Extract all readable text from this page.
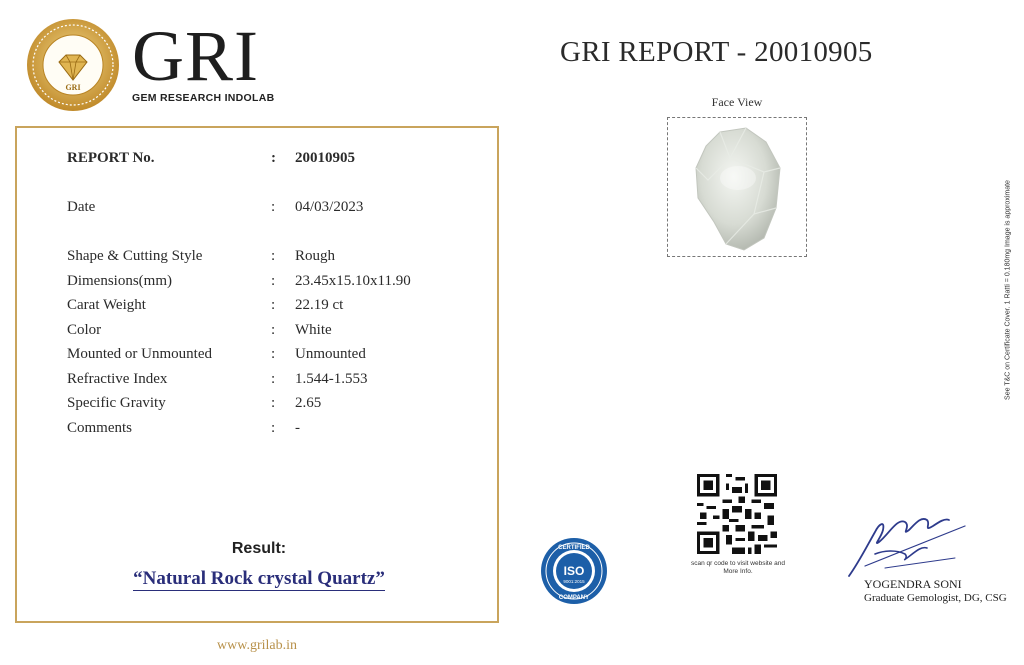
GRI GRI
GEM RESEARCH INDOLAB
REPORT No.	: 20010905
Date	: 04/03/2023
Shape & Cutting Style	: Rough
Dimensions(mm)	: 23.45x15.10x11.90
Carat Weight	: 22.19 ct
Color	: White
Mounted or Unmounted	: Unmounted
Refractive Index	: 1.544-1.553
Specific Gravity	: 2.65
Comments	: -
Result:
“Natural Rock crystal Quartz”
www.grilab.in
GRI REPORT - 20010905
Face View
See T&C on Certificate Cover. 1 Ratti = 0.180mg Image is approximate
CERTIFIED
ISO
9001:2015
COMPANY
scan qr code to visit website and More Info.
YOGENDRA SONI
Graduate Gemologist, DG, CSG
